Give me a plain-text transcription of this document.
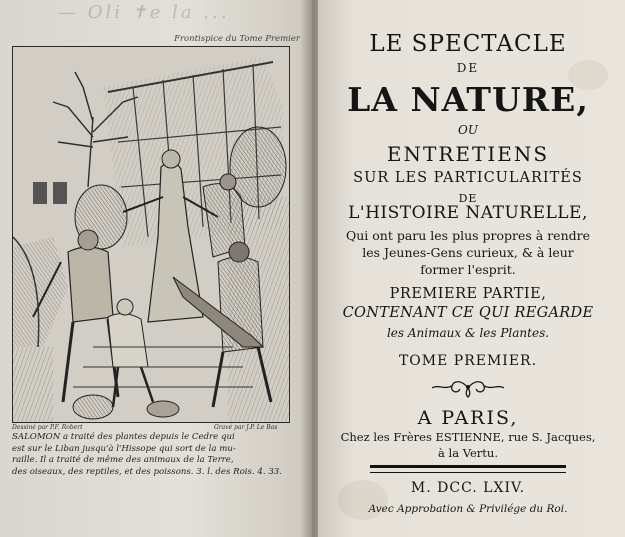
— Oli ✝e la ...
Frontispice du Tome Premier
Dessiné par P.F. Robert	Gravé par J.P. Le Bas
SALOMON a traité des plantes depuis le Cedre qui
est sur le Liban jusqu'à l'Hissope qui sort de la mu-
raille. Il a traité de même des animaux de la Terre,
des oiseaux, des reptiles, et des poissons. 3. l. des Rois. 4. 33.
LE SPECTACLE
DE
LA NATURE,
OU
ENTRETIENS
SUR LES PARTICULARITÉS
DE
L'HISTOIRE NATURELLE,
Qui ont paru les plus propres à rendre
les Jeunes-Gens curieux, & à leur
former l'esprit.
PREMIERE PARTIE,
CONTENANT CE QUI REGARDE
les Animaux & les Plantes.
TOME PREMIER.
A PARIS,
Chez les Frères ESTIENNE, rue S. Jacques,
à la Vertu.
M. DCC. LXIV.
Avec Approbation & Privilége du Roi.
